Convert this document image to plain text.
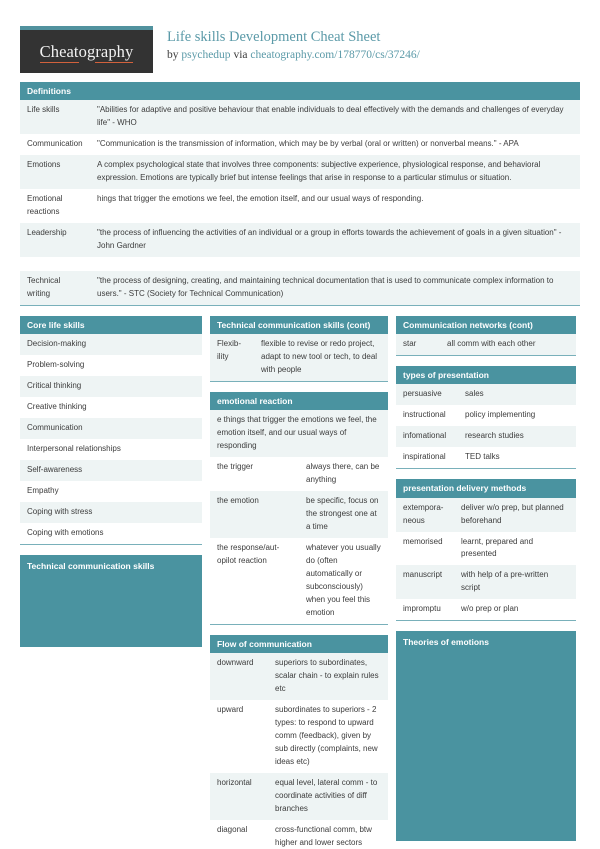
Cheatography
Life skills Development Cheat Sheet
by psychedup via cheatography.com/178770/cs/37246/
Definitions
Life skills	"Abilities for adaptive and positive behaviour that enable individuals to deal effectively with the demands and challenges of everyday life" - WHO
Communication	"Communication is the transmission of information, which may be by verbal (oral or written) or nonverbal means." - APA
Emotions	A complex psychological state that involves three components: subjective experience, physiological response, and behavioral expression. Emotions are typically brief but intense feelings that arise in response to a particular stimulus or situation.
Emotional reactions	hings that trigger the emotions we feel, the emotion itself, and our usual ways of responding.
Leadership	"the process of influencing the activities of an individual or a group in efforts towards the achievement of goals in a given situation" - John Gardner

Technical writing	"the process of designing, creating, and maintaining technical documentation that is used to communicate complex information to users." - STC (Society for Technical Communication)
Core life skills
Decision-making
Problem-solving
Critical thinking
Creative thinking
Communication
Interpersonal relationships
Self-awareness
Empathy
Coping with stress
Coping with emotions
Technical communication skills
Technical communication skills (cont)
Flexibility	flexible to revise or redo project, adapt to new tool or tech, to deal with people
emotional reaction
e things that trigger the emotions we feel, the emotion itself, and our usual ways of responding	
the trigger	always there, can be anything
the emotion	be specific, focus on the strongest one at a time
the response/autopilot reaction	whatever you usually do (often automatically or subconsciously) when you feel this emotion
Flow of communication
downward	superiors to subordinates, scalar chain - to explain rules etc
upward	subordinates to superiors - 2 types: to respond to upward comm (feedback), given by sub directly (complaints, new ideas etc)
horizontal	equal level, lateral comm - to coordinate activities of diff branches
diagonal	cross-functional comm, btw higher and lower sectors
Communication networks (cont)
star	all comm with each other
types of presentation
persuasive	sales
instructional	policy implementing
infomational	research studies
inspirational	TED talks
presentation delivery methods
extemporaneous	deliver w/o prep, but planned beforehand
memorised	learnt, prepared and presented
manuscript	with help of a pre-written script
impromptu	w/o prep or plan
Theories of emotions
